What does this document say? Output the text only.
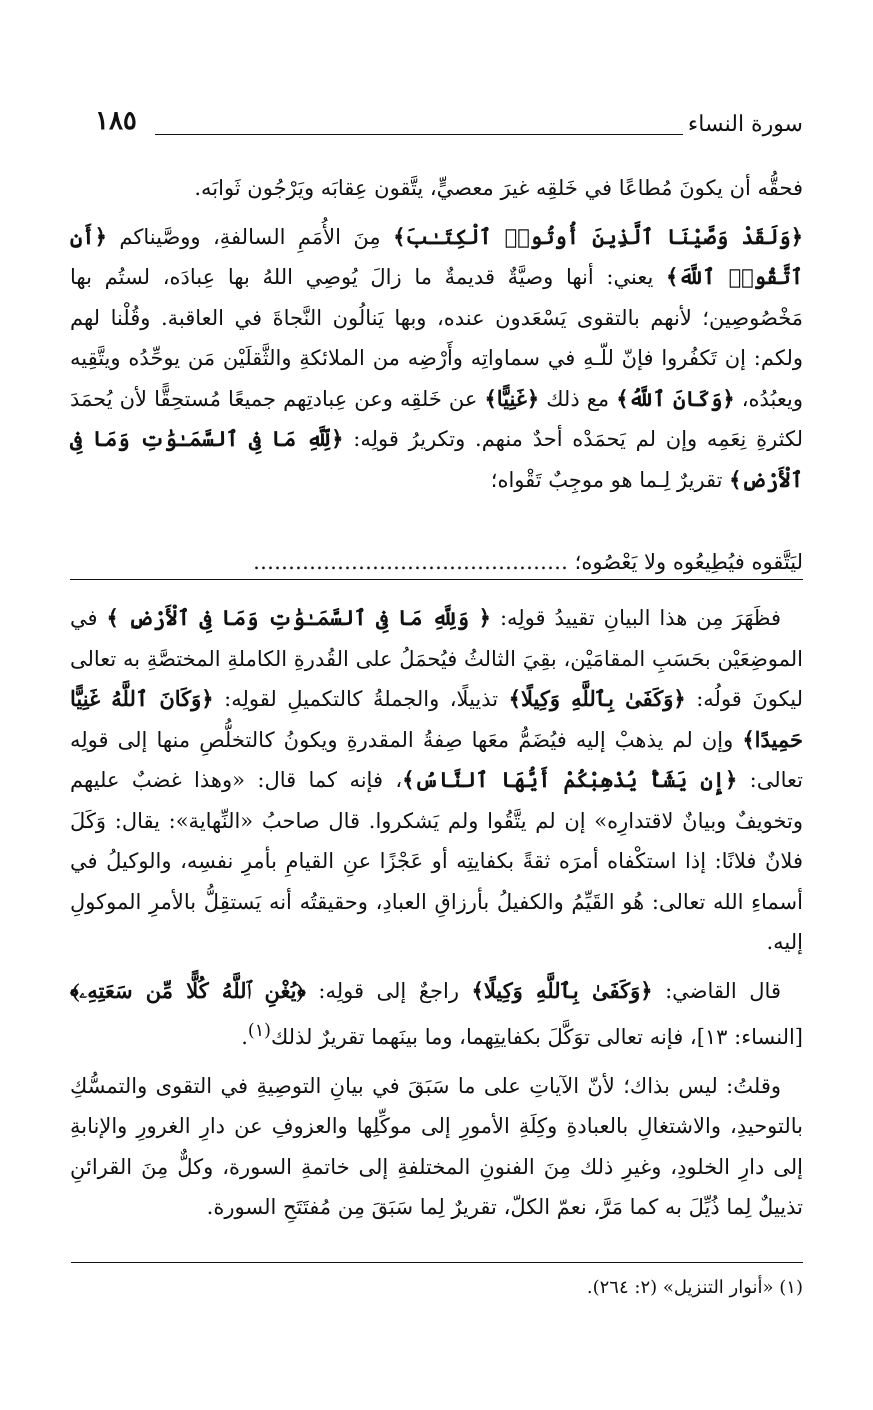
سورة النساء
١٨٥

فحقُّه أن يكونَ مُطاعًا في خَلقِه غيرَ معصيٍّ، يتَّقون عِقابَه ويَرْجُون ثَوابَه.

﴿وَلَقَدْ وَصَّيْنَا ٱلَّذِينَ أُوتُوا۟ ٱلْكِتَـٰبَ﴾ مِنَ الأُمَمِ السالفةِ، ووصَّيناكم ﴿أَنِ ٱتَّقُوا۟ ٱللَّهَ﴾ يعني: أنها وصيَّةٌ قديمةٌ ما زالَ يُوصِي اللهُ بها عِبادَه، لستُم بها مَخْصُوصِين؛ لأنهم بالتقوى يَسْعَدون عنده، وبها يَنالُون النَّجاةَ في العاقبة. وقُلْنا لهم ولكم: إن تَكفُروا فإنّ للّـهِ في سماواتِه وأَرْضِه من الملائكةِ والثَّقلَيْن مَن يوحِّدُه ويتَّقِيه ويعبُدُه، ﴿وَكَانَ ٱللَّهُ﴾ مع ذلك ﴿غَنِيًّا﴾ عن خَلقِه وعن عِبادتِهم جميعًا مُستحِقًّا لأن يُحمَدَ لكثرةِ نِعَمِه وإن لم يَحمَدْه أحدٌ منهم. وتكريرُ قولِه: ﴿لِّلَّهِ مَا فِى ٱلسَّمَـٰوَٰتِ وَمَا فِى ٱلْأَرْضِ﴾ تقريرٌ لِـما هو موجِبٌ تَقْواه؛

ليَتَّقوه فيُطِيعُوه ولا يَعْصُوه؛ ………………………………………

فظَهَرَ مِن هذا البيانِ تقييدُ قولِه: ﴿ وَلِلَّهِ مَا فِى ٱلسَّمَـٰوَٰتِ وَمَا فِى ٱلْأَرْضِ ﴾ في الموضِعَيْن بحَسَبِ المقامَيْن، بقِيَ الثالثُ فيُحمَلُ على القُدرةِ الكاملةِ المختصَّةِ به تعالى ليكونَ قولُه: ﴿وَكَفَىٰ بِٱللَّهِ وَكِيلًا﴾ تذييلًا، والجملةُ كالتكميلِ لقولِه: ﴿وَكَانَ ٱللَّهُ غَنِيًّا حَمِيدًا﴾ وإن لم يذهبْ إليه فيُضَمُّ معَها صِفةُ المقدرةِ ويكونُ كالتخلُّصِ منها إلى قولِه تعالى: ﴿إِن يَشَأْ يُذْهِبْكُمْ أَيُّهَا ٱلنَّاسُ﴾، فإنه كما قال: «وهذا غضبٌ عليهم وتخويفٌ وبيانٌ لاقتدارِه» إن لم يتَّقُوا ولم يَشكروا. قال صاحبُ «النِّهاية»: يقال: وَكَلَ فلانٌ فلانًا: إذا استكْفاه أمرَه ثقةً بكفايتِه أو عَجْزًا عنِ القيامِ بأمرِ نفسِه، والوكيلُ في أسماءِ الله تعالى: هُو القَيِّمُ والكفيلُ بأرزاقِ العبادِ، وحقيقتُه أنه يَستقِلُّ بالأمرِ الموكولِ إليه.

قال القاضي: ﴿وَكَفَىٰ بِٱللَّهِ وَكِيلًا﴾ راجعٌ إلى قولِه: ﴿يُغْنِ ٱللَّهُ كُلًّا مِّن سَعَتِهِۦ﴾ [النساء: ١٣]، فإنه تعالى توَكَّلَ بكفايتِهما، وما بينَهما تقريرٌ لذلك$^{(١)}$.

وقلتُ: ليس بذاك؛ لأنّ الآياتِ على ما سَبَقَ في بيانِ التوصِيةِ في التقوى والتمسُّكِ بالتوحيدِ، والاشتغالِ بالعبادةِ وكِلَةِ الأمورِ إلى موكِّلِها والعزوفِ عن دارِ الغرورِ والإنابةِ إلى دارِ الخلودِ، وغيرِ ذلك مِنَ الفنونِ المختلفةِ إلى خاتمةِ السورة، وكلٌّ مِنَ القرائنِ تذييلٌ لِما ذُيِّلَ به كما مَرَّ، نعمّ الكلّ، تقريرٌ لِما سَبَقَ مِن مُفتَتَحِ السورة.

(١) «أنوار التنزيل» (٢: ٢٦٤).
